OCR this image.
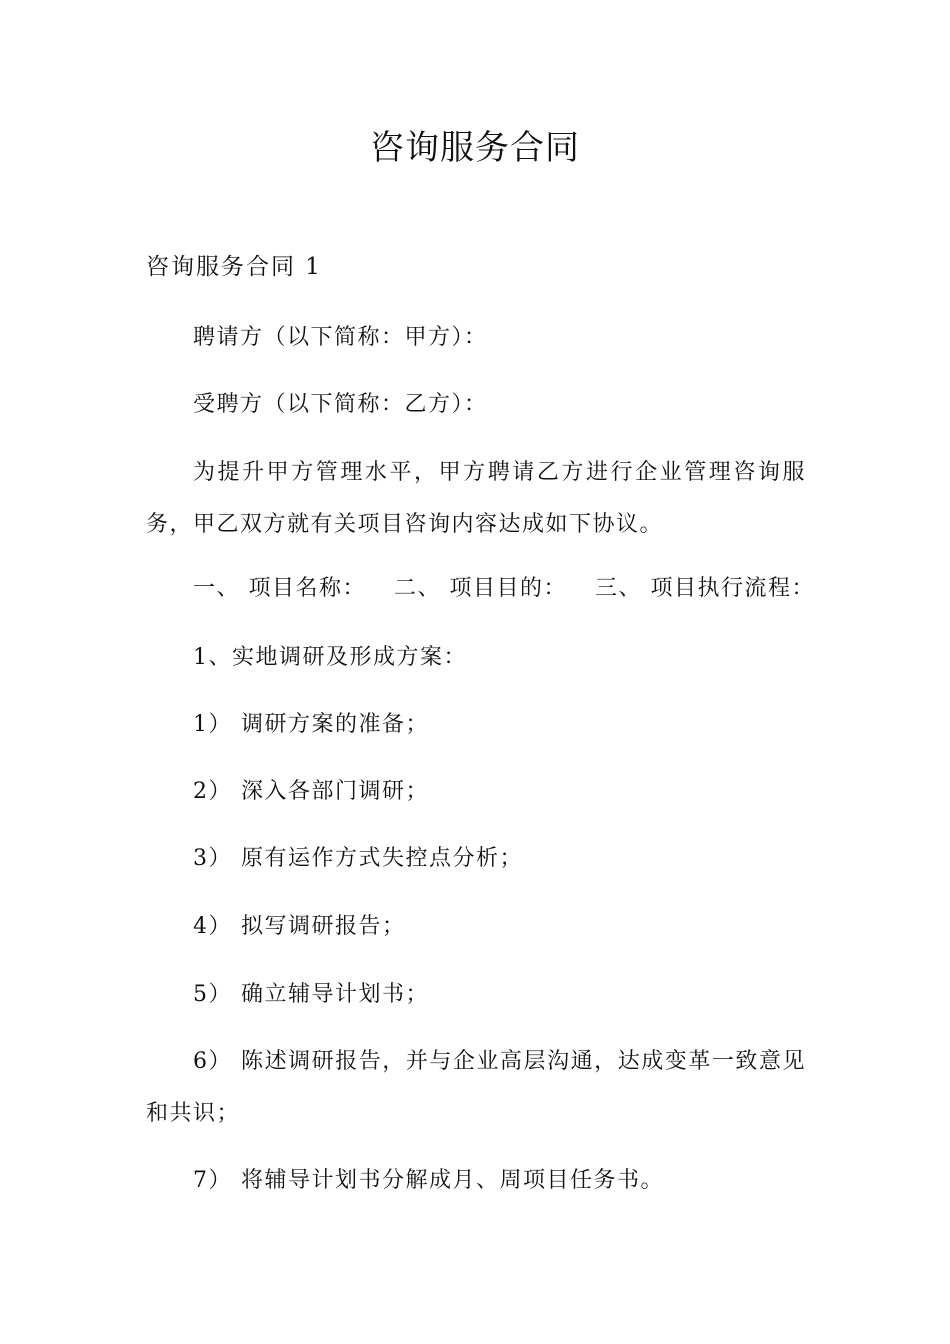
咨询服务合同
咨询服务合同 1
聘请方（以下简称：甲方）：
受聘方（以下简称：乙方）：

为提升甲方管理水平，甲方聘请乙方进行企业管理咨询服务，甲乙双方就有关项目咨询内容达成如下协议。

一、 项目名称： 二、 项目目的： 三、 项目执行流程：
1、实地调研及形成方案：
1） 调研方案的准备；
2） 深入各部门调研；
3） 原有运作方式失控点分析；
4） 拟写调研报告；
5） 确立辅导计划书；

6） 陈述调研报告，并与企业高层沟通，达成变革一致意见和共识；

7） 将辅导计划书分解成月、周项目任务书。
